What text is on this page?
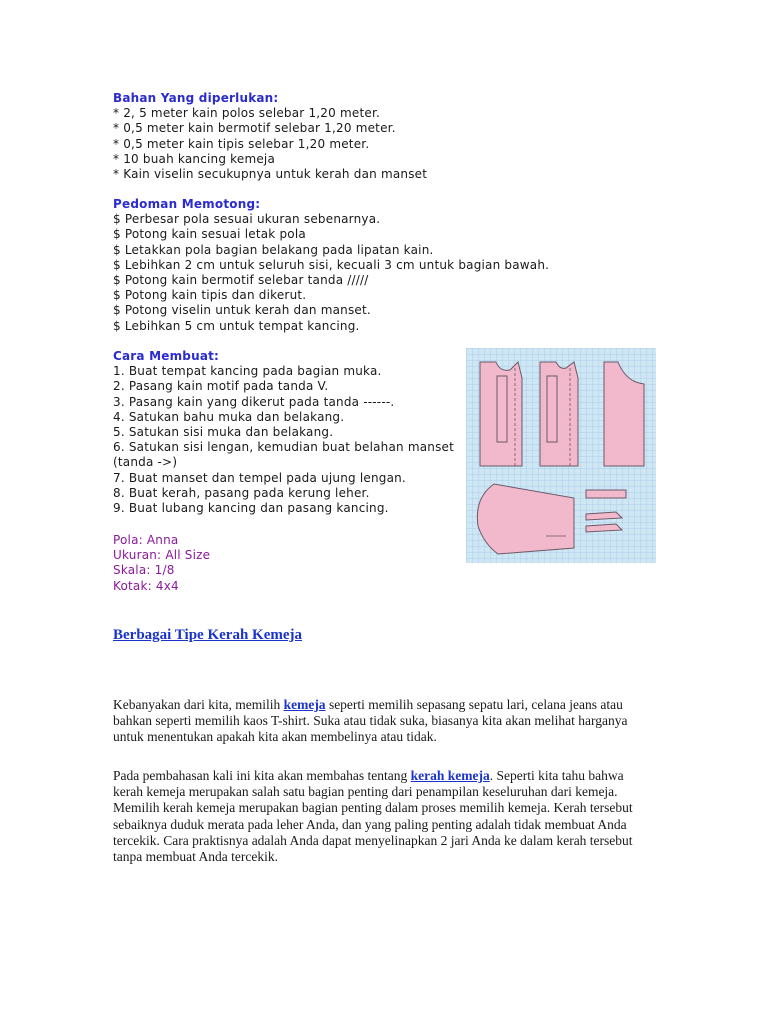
Bahan Yang diperlukan:
* 2, 5 meter kain polos selebar 1,20 meter.
* 0,5 meter kain bermotif selebar 1,20 meter.
* 0,5 meter kain tipis selebar 1,20 meter.
* 10 buah kancing kemeja
* Kain viselin secukupnya untuk kerah dan manset
Pedoman Memotong:
$ Perbesar pola sesuai ukuran sebenarnya.
$ Potong kain sesuai letak pola
$ Letakkan pola bagian belakang pada lipatan kain.
$ Lebihkan 2 cm untuk seluruh sisi, kecuali 3 cm untuk bagian bawah.
$ Potong kain bermotif selebar tanda /////
$ Potong kain tipis dan dikerut.
$ Potong viselin untuk kerah dan manset.
$ Lebihkan 5 cm untuk tempat kancing.
Cara Membuat:
1. Buat tempat kancing pada bagian muka.
2. Pasang kain motif pada tanda V.
3. Pasang kain yang dikerut pada tanda ------.
4. Satukan bahu muka dan belakang.
5. Satukan sisi muka dan belakang.
6. Satukan sisi lengan, kemudian buat belahan manset
(tanda ->)
7. Buat manset dan tempel pada ujung lengan.
8. Buat kerah, pasang pada kerung leher.
9. Buat lubang kancing dan pasang kancing.
Pola: Anna
Ukuran: All Size
Skala: 1/8
Kotak: 4x4
Berbagai Tipe Kerah Kemeja
Kebanyakan dari kita, memilih kemeja seperti memilih sepasang sepatu lari, celana jeans atau bahkan seperti memilih kaos T-shirt. Suka atau tidak suka, biasanya kita akan melihat harganya untuk menentukan apakah kita akan membelinya atau tidak.
Pada pembahasan kali ini kita akan membahas tentang kerah kemeja. Seperti kita tahu bahwa kerah kemeja merupakan salah satu bagian penting dari penampilan keseluruhan dari kemeja. Memilih kerah kemeja merupakan bagian penting dalam proses memilih kemeja. Kerah tersebut sebaiknya duduk merata pada leher Anda, dan yang paling penting adalah tidak membuat Anda tercekik. Cara praktisnya adalah Anda dapat menyelinapkan 2 jari Anda ke dalam kerah tersebut tanpa membuat Anda tercekik.
